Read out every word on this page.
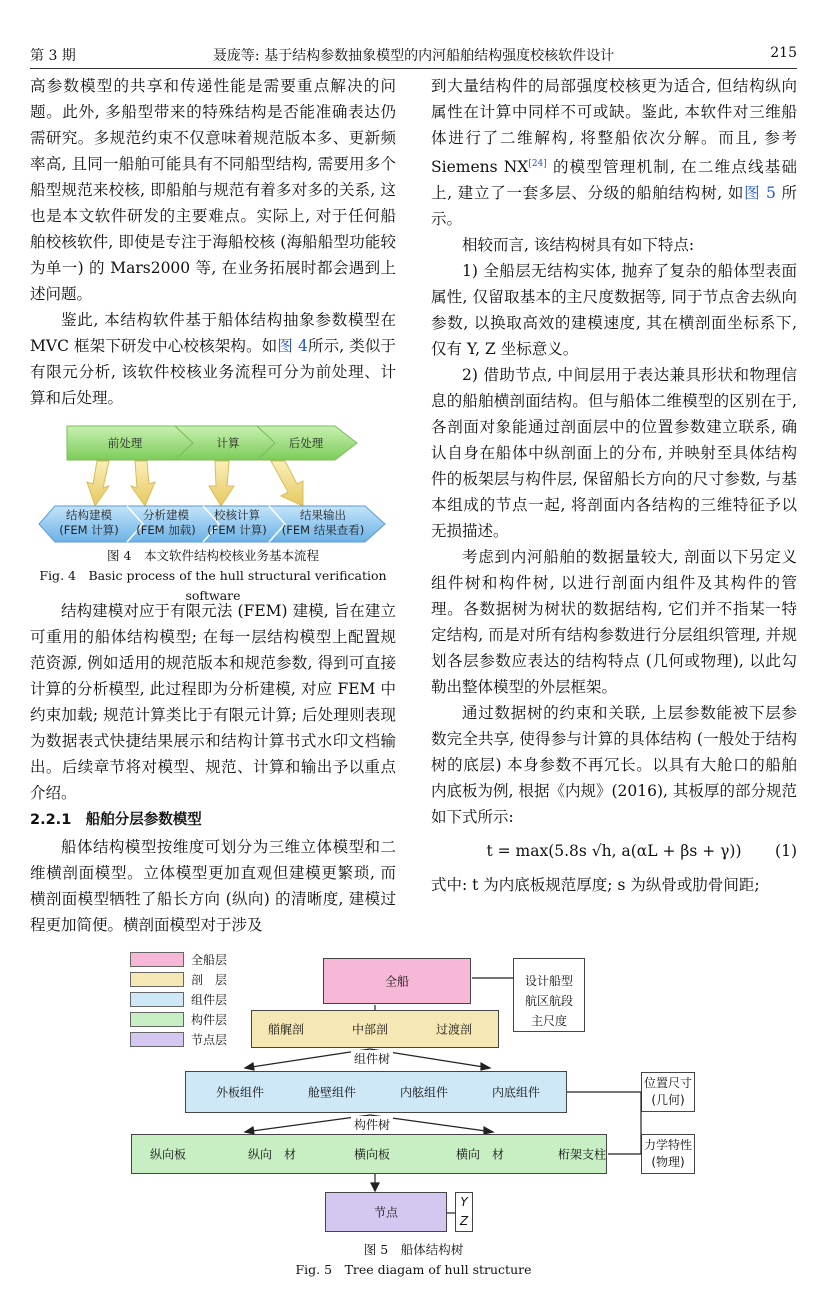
第 3 期	聂庞等: 基于结构参数抽象模型的内河船舶结构强度校核软件设计	215

高参数模型的共享和传递性能是需要重点解决的问题。此外, 多船型带来的特殊结构是否能准确表达仍需研究。多规范约束不仅意味着规范版本多、更新频率高, 且同一船舶可能具有不同船型结构, 需要用多个船型规范来校核, 即船舶与规范有着多对多的关系, 这也是本文软件研发的主要难点。实际上, 对于任何船舶校核软件, 即使是专注于海船校核 (海船船型功能较为单一) 的 Mars2000 等, 在业务拓展时都会遇到上述问题。

鉴此, 本结构软件基于船体结构抽象参数模型在 MVC 框架下研发中心校核架构。如图 4所示, 类似于有限元分析, 该软件校核业务流程可分为前处理、计算和后处理。

前处理	计算	后处理
结构建模
(FEM 计算)
分析建模
(FEM 加载)
校核计算
(FEM 计算)
结果输出
(FEM 结果查看)
图 4　本文软件结构校核业务基本流程
Fig. 4　Basic process of the hull structural verification software

结构建模对应于有限元法 (FEM) 建模, 旨在建立可重用的船体结构模型; 在每一层结构模型上配置规范资源, 例如适用的规范版本和规范参数, 得到可直接计算的分析模型, 此过程即为分析建模, 对应 FEM 中约束加载; 规范计算类比于有限元计算; 后处理则表现为数据表式快捷结果展示和结构计算书式水印文档输出。后续章节将对模型、规范、计算和输出予以重点介绍。

2.2.1　船舶分层参数模型

船体结构模型按维度可划分为三维立体模型和二维横剖面模型。立体模型更加直观但建模更繁琐, 而横剖面模型牺牲了船长方向 (纵向) 的清晰度, 建模过程更加简便。横剖面模型对于涉及

到大量结构件的局部强度校核更为适合, 但结构纵向属性在计算中同样不可或缺。鉴此, 本软件对三维船体进行了二维解构, 将整船依次分解。而且, 参考 Siemens NX[24] 的模型管理机制, 在二维点线基础上, 建立了一套多层、分级的船舶结构树, 如图 5 所示。

相较而言, 该结构树具有如下特点:

1) 全船层无结构实体, 抛弃了复杂的船体型表面属性, 仅留取基本的主尺度数据等, 同于节点舍去纵向参数, 以换取高效的建模速度, 其在横剖面坐标系下, 仅有 Y, Z 坐标意义。

2) 借助节点, 中间层用于表达兼具形状和物理信息的船舶横剖面结构。但与船体二维模型的区别在于, 各剖面对象能通过剖面层中的位置参数建立联系, 确认自身在船体中纵剖面上的分布, 并映射至具体结构件的板架层与构件层, 保留船长方向的尺寸参数, 与基本组成的节点一起, 将剖面内各结构的三维特征予以无损描述。

考虑到内河船舶的数据量较大, 剖面以下另定义组件树和构件树, 以进行剖面内组件及其构件的管理。各数据树为树状的数据结构, 它们并不指某一特定结构, 而是对所有结构参数进行分层组织管理, 并规划各层参数应表达的结构特点 (几何或物理), 以此勾勒出整体模型的外层框架。

通过数据树的约束和关联, 上层参数能被下层参数完全共享, 使得参与计算的具体结构 (一般处于结构树的底层) 本身参数不再冗长。以具有大舱口的船舶内底板为例, 根据《内规》(2016), 其板厚的部分规范如下式所示:

t = max(5.8s √h, a(αL + βs + γ)) (1)

式中: t 为内底板规范厚度; s 为纵骨或肋骨间距;

全船层
剖　层
组件层
构件层
节点层
全船	设计船型
航区航段
主尺度
艏艉剖	中部剖	过渡剖
组件树
外板组件	舱壁组件	内舷组件	内底组件
位置尺寸
(几何)
构件树
纵向板	纵向　材	横向板	横向　材	桁架支柱
力学特性
(物理)
节点
Y
Z
图 5　船体结构树
Fig. 5　Tree diagam of hull structure
